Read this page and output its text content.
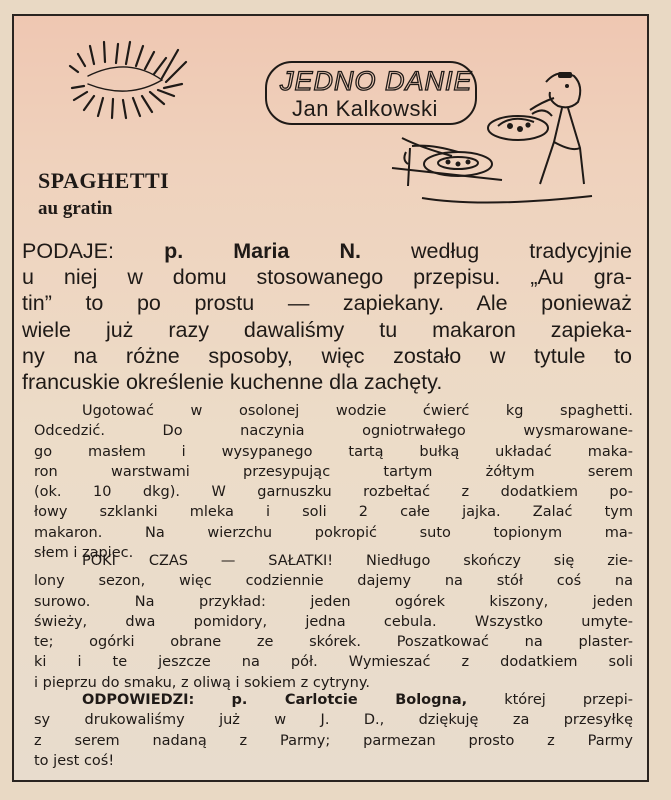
JEDNO DANIE
Jan Kalkowski
SPAGHETTI
au gratin

PODAJE: p. Maria N. według tradycyjnie
u niej w domu stosowanego przepisu. „Au gra-
tin” to po prostu — zapiekany. Ale ponieważ
wiele już razy dawaliśmy tu makaron zapieka-
ny na różne sposoby, więc zostało w tytule to
francuskie określenie kuchenne dla zachęty.

Ugotować w osolonej wodzie ćwierć kg spaghetti.
Odcedzić. Do naczynia ogniotrwałego wysmarowane-
go masłem i wysypanego tartą bułką układać maka-
ron warstwami przesypując tartym żółtym serem
(ok. 10 dkg). W garnuszku rozbełtać z dodatkiem po-
łowy szklanki mleka i soli 2 całe jajka. Zalać tym
makaron. Na wierzchu pokropić suto topionym ma-
słem i zapiec.

PÓKI CZAS — SAŁATKI! Niedługo skończy się zie-
lony sezon, więc codziennie dajemy na stół coś na
surowo. Na przykład: jeden ogórek kiszony, jeden
świeży, dwa pomidory, jedna cebula. Wszystko umyte-
te; ogórki obrane ze skórek. Poszatkować na plaster-
ki i te jeszcze na pół. Wymieszać z dodatkiem soli
i pieprzu do smaku, z oliwą i sokiem z cytryny.

ODPOWIEDZI:	p. Carlotcie Bologna,	której przepi-
sy drukowaliśmy już w J. D., dziękuję za przesyłkę
z serem nadaną z Parmy; parmezan prosto z Parmy
to jest coś!
